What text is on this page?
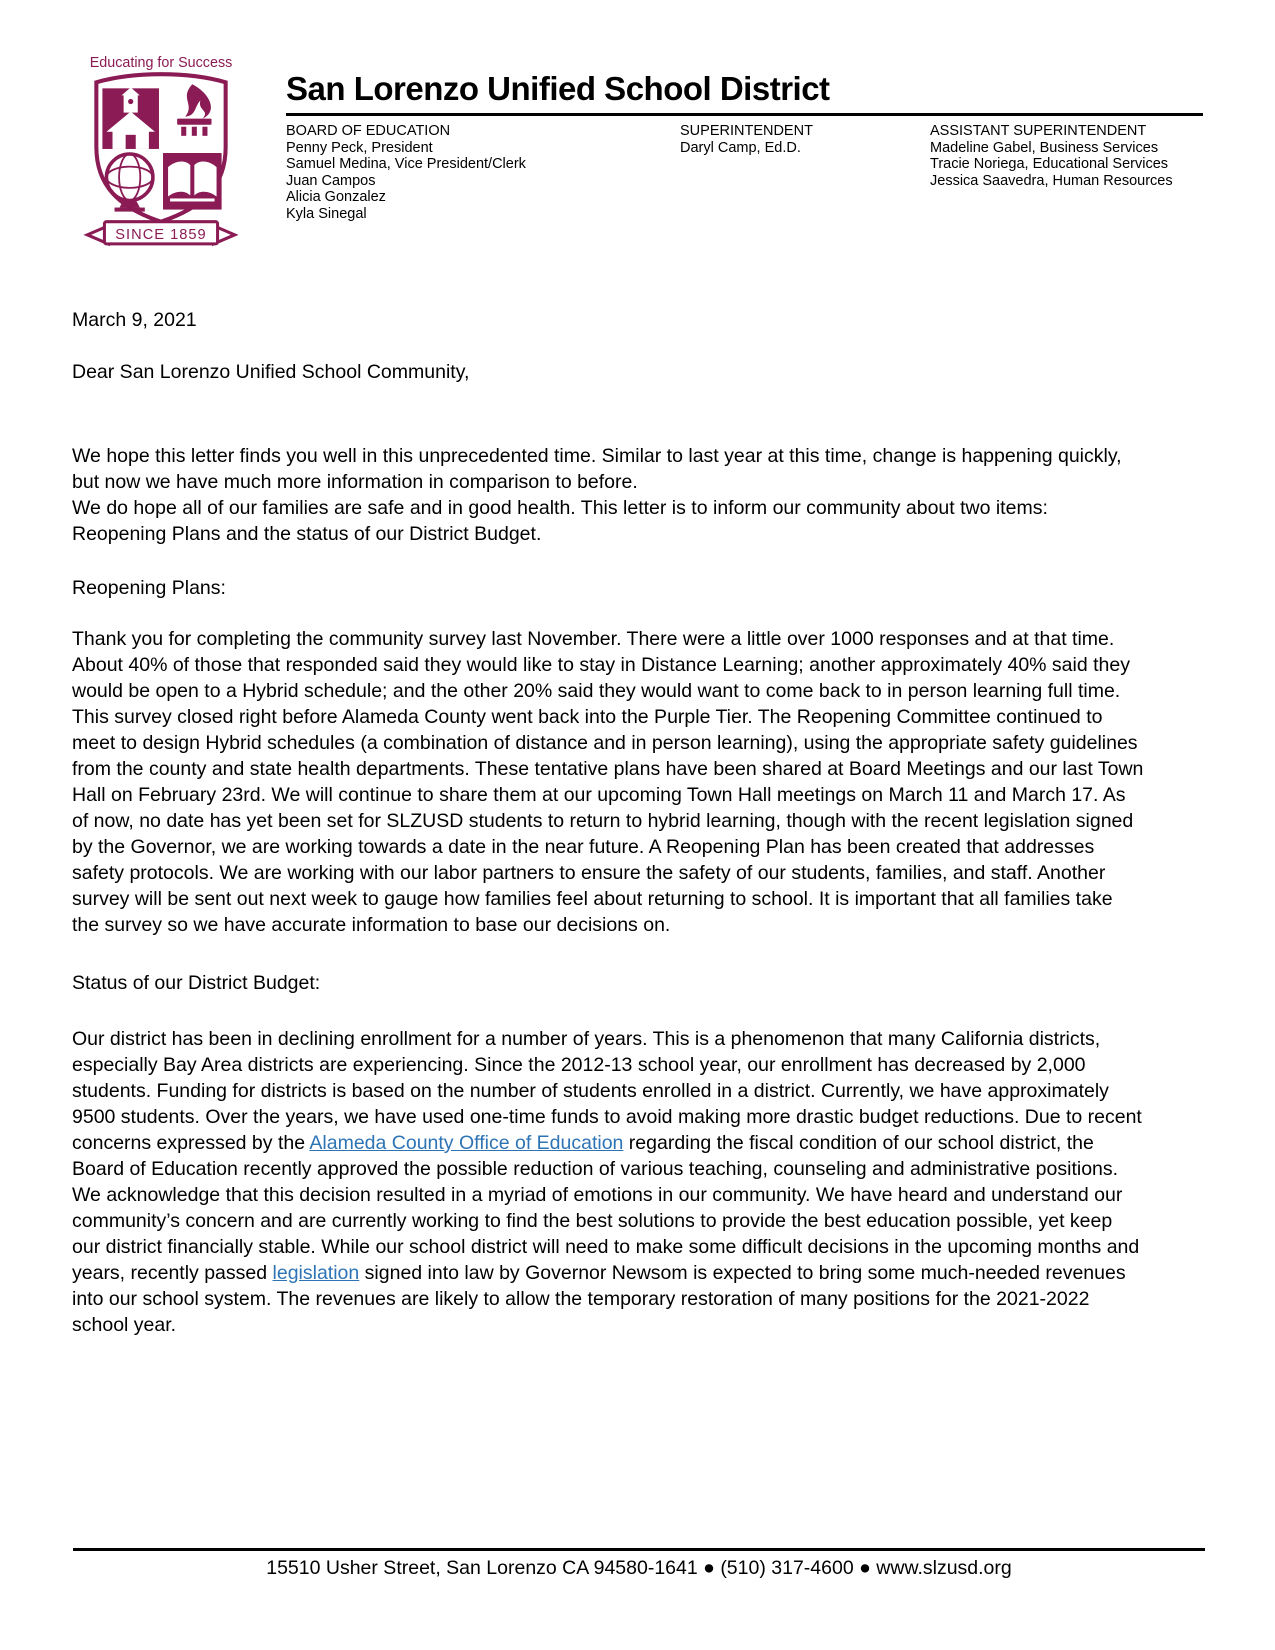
Educating for Success
SINCE 1859
San Lorenzo Unified School District
BOARD OF EDUCATION
Penny Peck, President
Samuel Medina, Vice President/Clerk
Juan Campos
Alicia Gonzalez
Kyla Sinegal
SUPERINTENDENT
Daryl Camp, Ed.D.
ASSISTANT SUPERINTENDENT
Madeline Gabel, Business Services
Tracie Noriega, Educational Services
Jessica Saavedra, Human Resources

March 9, 2021

Dear San Lorenzo Unified School Community,

We hope this letter finds you well in this unprecedented time. Similar to last year at this time, change is happening quickly, but now we have much more information in comparison to before.
We do hope all of our families are safe and in good health. This letter is to inform our community about two items: Reopening Plans and the status of our District Budget.

Reopening Plans:

Thank you for completing the community survey last November. There were a little over 1000 responses and at that time. About 40% of those that responded said they would like to stay in Distance Learning; another approximately 40% said they would be open to a Hybrid schedule; and the other 20% said they would want to come back to in person learning full time. This survey closed right before Alameda County went back into the Purple Tier. The Reopening Committee continued to meet to design Hybrid schedules (a combination of distance and in person learning), using the appropriate safety guidelines from the county and state health departments. These tentative plans have been shared at Board Meetings and our last Town Hall on February 23rd. We will continue to share them at our upcoming Town Hall meetings on March 11 and March 17. As of now, no date has yet been set for SLZUSD students to return to hybrid learning, though with the recent legislation signed by the Governor, we are working towards a date in the near future. A Reopening Plan has been created that addresses safety protocols. We are working with our labor partners to ensure the safety of our students, families, and staff. Another survey will be sent out next week to gauge how families feel about returning to school. It is important that all families take the survey so we have accurate information to base our decisions on.

Status of our District Budget:

Our district has been in declining enrollment for a number of years. This is a phenomenon that many California districts, especially Bay Area districts are experiencing. Since the 2012-13 school year, our enrollment has decreased by 2,000 students. Funding for districts is based on the number of students enrolled in a district. Currently, we have approximately 9500 students. Over the years, we have used one-time funds to avoid making more drastic budget reductions. Due to recent concerns expressed by the Alameda County Office of Education regarding the fiscal condition of our school district, the Board of Education recently approved the possible reduction of various teaching, counseling and administrative positions. We acknowledge that this decision resulted in a myriad of emotions in our community. We have heard and understand our community’s concern and are currently working to find the best solutions to provide the best education possible, yet keep our district financially stable. While our school district will need to make some difficult decisions in the upcoming months and years, recently passed legislation signed into law by Governor Newsom is expected to bring some much-needed revenues into our school system. The revenues are likely to allow the temporary restoration of many positions for the 2021-2022 school year.

15510 Usher Street, San Lorenzo CA 94580-1641 ● (510) 317-4600 ● www.slzusd.org
